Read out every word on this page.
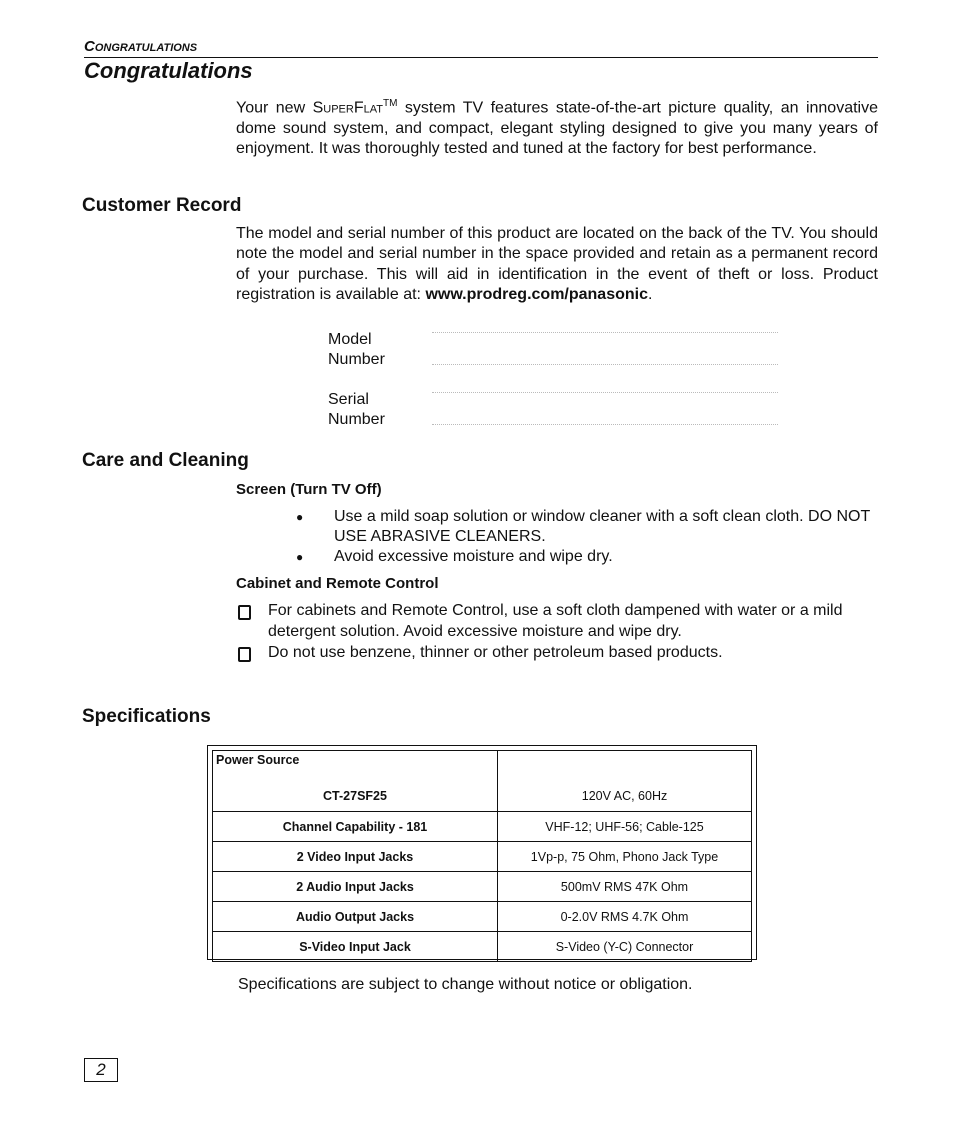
Congratulations
Congratulations

Your new SuperFlat™ system TV features state-of-the-art picture quality, an innovative dome sound system, and compact, elegant styling designed to give you many years of enjoyment. It was thoroughly tested and tuned at the factory for best performance.

Customer Record

The model and serial number of this product are located on the back of the TV. You should note the model and serial number in the space provided and retain as a permanent record of your purchase. This will aid in identification in the event of theft or loss. Product registration is available at: www.prodreg.com/panasonic.

Model
Number
Serial
Number
Care and Cleaning
Screen (Turn TV Off)
● Use a mild soap solution or window cleaner with a soft clean cloth. DO NOT USE ABRASIVE CLEANERS.
● Avoid excessive moisture and wipe dry.
Cabinet and Remote Control
For cabinets and Remote Control, use a soft cloth dampened with water or a mild detergent solution. Avoid excessive moisture and wipe dry.
Do not use benzene, thinner or other petroleum based products.
Specifications
Power Source
CT-27SF25	120V AC, 60Hz
Channel Capability - 181	VHF-12; UHF-56; Cable-125
2 Video Input Jacks	1Vp-p, 75 Ohm, Phono Jack Type
2 Audio Input Jacks	500mV RMS 47K Ohm
Audio Output Jacks	0-2.0V RMS 4.7K Ohm
S-Video Input Jack	S-Video (Y-C) Connector
Specifications are subject to change without notice or obligation.
2
